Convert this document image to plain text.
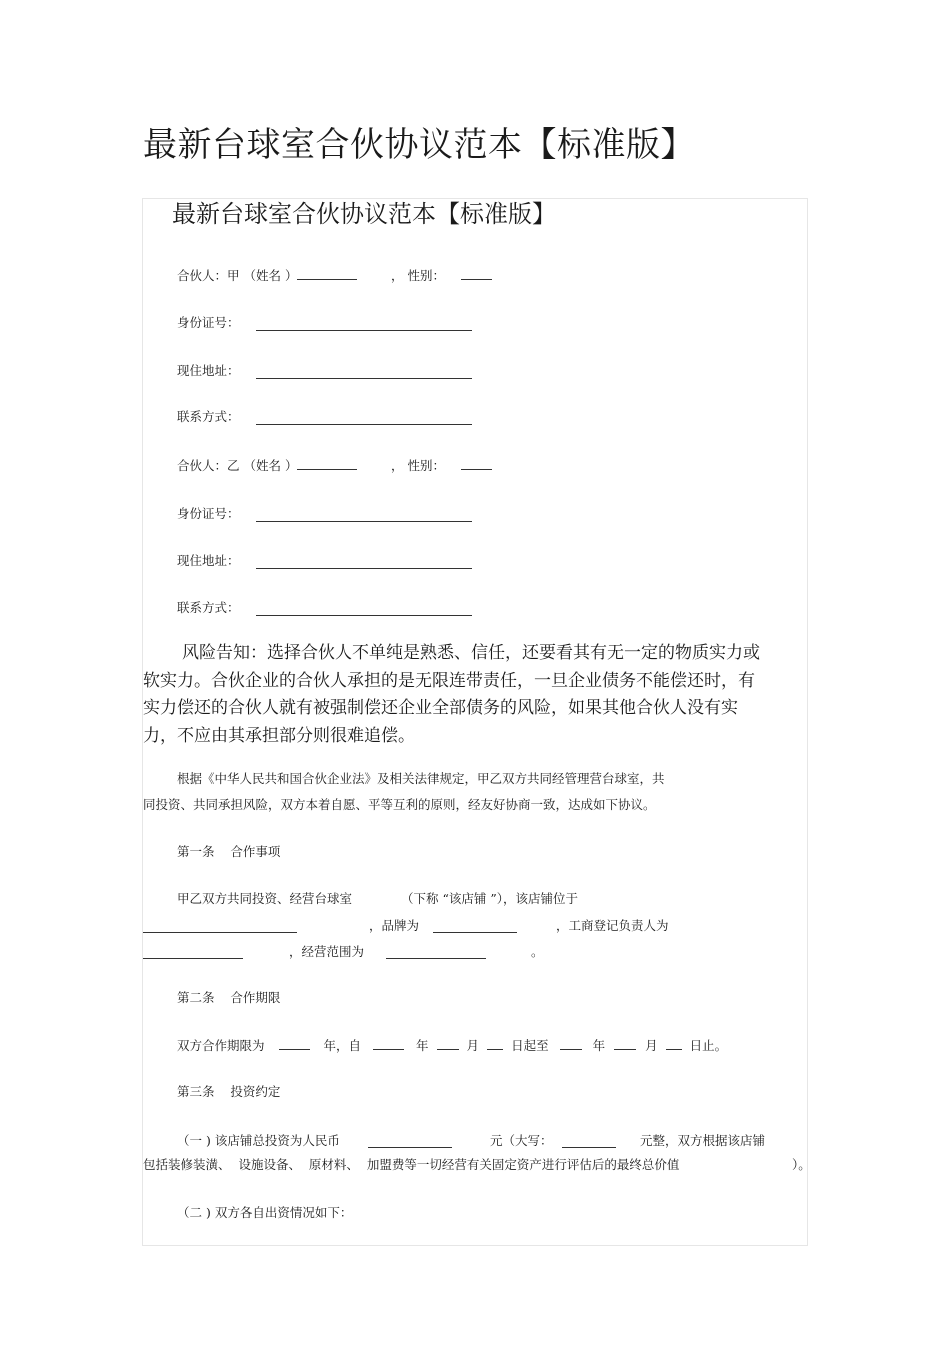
最新台球室合伙协议范本【标准版】
最新台球室合伙协议范本【标准版】
合伙人：甲 （姓名 ）	， 性别：
身份证号：
现住地址：
联系方式：
合伙人：乙 （姓名 ）	， 性别：
身份证号：
现住地址：
联系方式：
风险告知：选择合伙人不单纯是熟悉、信任，还要看其有无一定的物质实力或软实力。合伙企业的合伙人承担的是无限连带责任，一旦企业债务不能偿还时，有实力偿还的合伙人就有被强制偿还企业全部债务的风险，如果其他合伙人没有实力，不应由其承担部分则很难追偿。
根据《中华人民共和国合伙企业法》及相关法律规定，甲乙双方共同经管理营台球室，共
同投资、共同承担风险，双方本着自愿、平等互利的原则，经友好协商一致，达成如下协议。
第一条    合作事项
甲乙双方共同投资、经营台球室	（下称 “该店铺 ”），该店铺位于
，品牌为	，工商登记负责人为
，经营范围为	。
第二条    合作期限
双方合作期限为	年，自	年	月	日起至	年	月	日止。
第三条    投资约定
（一 ) 该店铺总投资为人民币	元（大写：	元整，双方根据该店铺
包括装修装潢、  设施设备、  原材料、  加盟费等一切经营有关固定资产进行评估后的最终总价值	）。
（二 ) 双方各自出资情况如下：
